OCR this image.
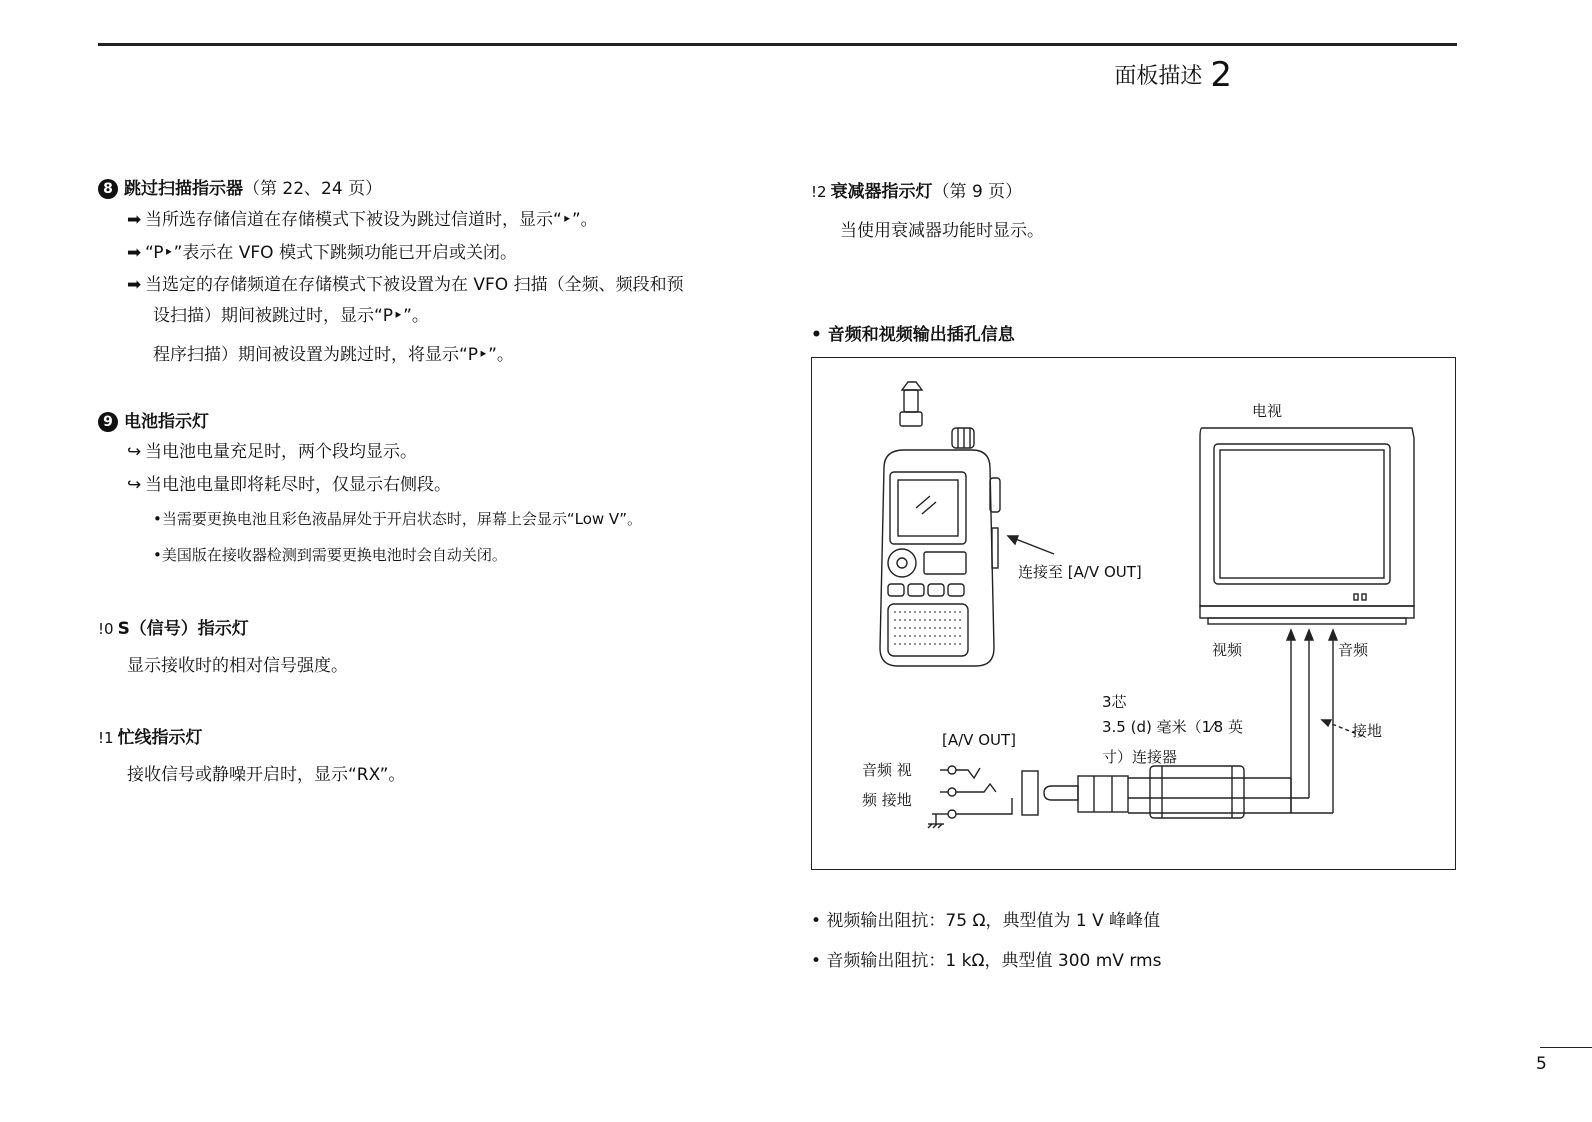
面板描述 2
8 跳过扫描指示器（第 22、24 页）
➡ 当所选存储信道在存储模式下被设为跳过信道时，显示“‣”。
➡ “P‣”表示在 VFO 模式下跳频功能已开启或关闭。
➡ 当选定的存储频道在存储模式下被设置为在 VFO 扫描（全频、频段和预
设扫描）期间被跳过时，显示“P‣”。
程序扫描）期间被设置为跳过时，将显示“P‣”。
9 电池指示灯
↪ 当电池电量充足时，两个段均显示。
↪ 当电池电量即将耗尽时，仅显示右侧段。
•当需要更换电池且彩色液晶屏处于开启状态时，屏幕上会显示“Low V”。
•美国版在接收器检测到需要更换电池时会自动关闭。
!0 S（信号）指示灯
显示接收时的相对信号强度。
!1 忙线指示灯
接收信号或静噪开启时，显示“RX”。
!2 衰减器指示灯（第 9 页）
当使用衰减器功能时显示。
• 音频和视频输出插孔信息
电视
连接至 [A/V OUT]
视频	音频
3芯
3.5 (d) 毫米（1⁄8 英
寸）连接器
接地
[A/V OUT]
音频 视
频 接地
• 视频输出阻抗：75 Ω，典型值为 1 V 峰峰值
• 音频输出阻抗：1 kΩ，典型值 300 mV rms
5
